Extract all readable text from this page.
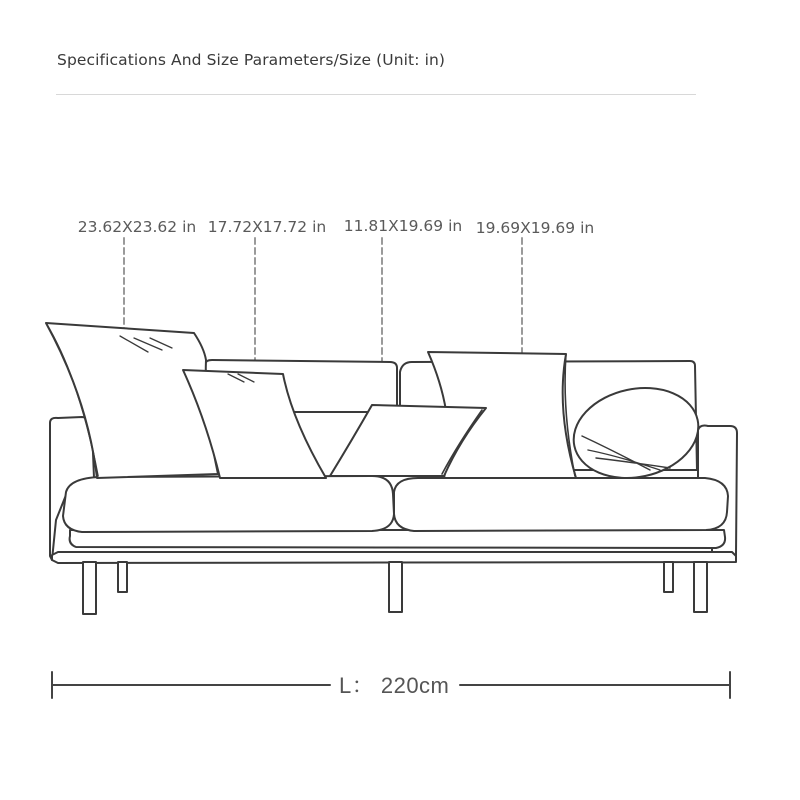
Specifications And Size Parameters/Size (Unit: in)
23.62X23.62 in 17.72X17.72 in 11.81X19.69 in 19.69X19.69 in
L： 220cm
